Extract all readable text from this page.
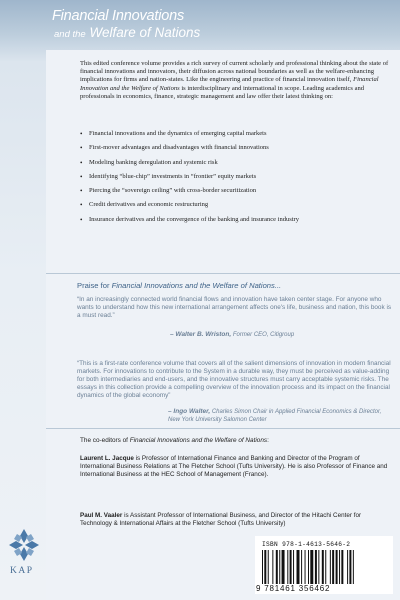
Financial Innovations
and the Welfare of Nations

This edited conference volume provides a rich survey of current scholarly and professional thinking about the state of financial innovations and innovators, their diffusion across national boundaries as well as the welfare-enhancing implications for firms and nation-states. Like the engineering and practice of financial innovation itself, Financial Innovation and the Welfare of Nations is interdisciplinary and international in scope. Leading academics and professionals in economics, finance, strategic management and law offer their latest thinking on:

• Financial innovations and the dynamics of emerging capital markets
• First-mover advantages and disadvantages with financial innovations
• Modeling banking deregulation and systemic risk
• Identifying “blue-chip” investments in “frontier” equity markets
• Piercing the “sovereign ceiling” with cross-border securitization
• Credit derivatives and economic restructuring
• Insurance derivatives and the convergence of the banking and insurance industry
Praise for Financial Innovations and the Welfare of Nations...

“In an increasingly connected world financial flows and innovation have taken center stage. For anyone who wants to understand how this new international arrangement affects one's life, business and nation, this book is a must read.”

– Walter B. Wriston, Former CEO, Citigroup

“This is a first-rate conference volume that covers all of the salient dimensions of innovation in modern financial markets. For innovations to contribute to the System in a durable way, they must be perceived as value-adding for both intermediaries and end-users, and the innovative structures must carry acceptable systemic risks. The essays in this collection provide a compelling overview of the innovation process and its impact on the financial dynamics of the global economy”

– Ingo Walter, Charles Simon Chair in Applied Financial Economics & Director,
New York University Salomon Center
The co-editors of Financial Innovations and the Welfare of Nations:

Laurent L. Jacque is Professor of International Finance and Banking and Director of the Program of International Business Relations at The Fletcher School (Tufts University). He is also Professor of Finance and International Business at the HEC School of Management (France).

Paul M. Vaaler is Assistant Professor of International Business, and Director of the Hitachi Center for Technology & International Affairs at the Fletcher School (Tufts University)

KAP
ISBN 978-1-4613-5646-2
9 781461 356462
